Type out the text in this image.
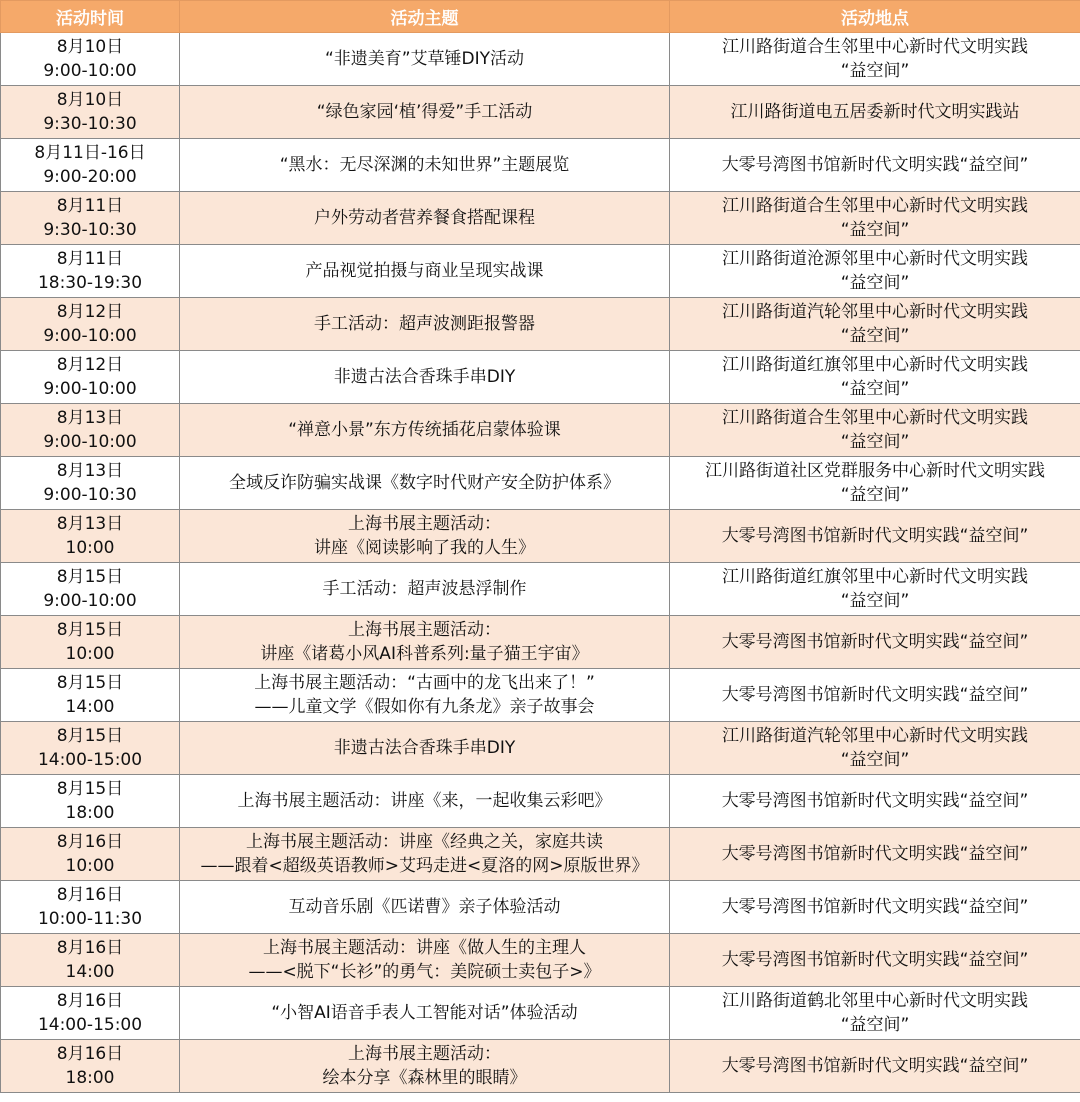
活动时间	活动主题	活动地点

8月10日
9:00-10:00	“非遗美育”艾草锤DIY活动	江川路街道合生邻里中心新时代文明实践
“益空间”

8月10日
9:30-10:30	“绿色家园‘植’得爱”手工活动	江川路街道电五居委新时代文明实践站

8月11日-16日
9:00-20:00	“黑水：无尽深渊的未知世界”主题展览	大零号湾图书馆新时代文明实践“益空间”

8月11日
9:30-10:30	户外劳动者营养餐食搭配课程	江川路街道合生邻里中心新时代文明实践
“益空间”

8月11日
18:30-19:30	产品视觉拍摄与商业呈现实战课	江川路街道沧源邻里中心新时代文明实践
“益空间”

8月12日
9:00-10:00	手工活动：超声波测距报警器	江川路街道汽轮邻里中心新时代文明实践
“益空间”

8月12日
9:00-10:00	非遗古法合香珠手串DIY	江川路街道红旗邻里中心新时代文明实践
“益空间”

8月13日
9:00-10:00	“禅意小景”东方传统插花启蒙体验课	江川路街道合生邻里中心新时代文明实践
“益空间”

8月13日
9:00-10:30	全域反诈防骗实战课《数字时代财产安全防护体系》	江川路街道社区党群服务中心新时代文明实践
“益空间”

8月13日
10:00	上海书展主题活动：
讲座《阅读影响了我的人生》	大零号湾图书馆新时代文明实践“益空间”

8月15日
9:00-10:00	手工活动：超声波悬浮制作	江川路街道红旗邻里中心新时代文明实践
“益空间”

8月15日
10:00	上海书展主题活动：
讲座《诸葛小风AI科普系列:量子猫王宇宙》	大零号湾图书馆新时代文明实践“益空间”

8月15日
14:00	上海书展主题活动：“古画中的龙飞出来了！”
——儿童文学《假如你有九条龙》亲子故事会	大零号湾图书馆新时代文明实践“益空间”

8月15日
14:00-15:00	非遗古法合香珠手串DIY	江川路街道汽轮邻里中心新时代文明实践
“益空间”

8月15日
18:00	上海书展主题活动：讲座《来，一起收集云彩吧》	大零号湾图书馆新时代文明实践“益空间”

8月16日
10:00	上海书展主题活动：讲座《经典之关，家庭共读
——跟着<超级英语教师>艾玛走进<夏洛的网>原版世界》	大零号湾图书馆新时代文明实践“益空间”

8月16日
10:00-11:30	互动音乐剧《匹诺曹》亲子体验活动	大零号湾图书馆新时代文明实践“益空间”

8月16日
14:00	上海书展主题活动：讲座《做人生的主理人
——<脱下“长衫”的勇气：美院硕士卖包子>》	大零号湾图书馆新时代文明实践“益空间”

8月16日
14:00-15:00	“小智AI语音手表人工智能对话”体验活动	江川路街道鹤北邻里中心新时代文明实践
“益空间”

8月16日
18:00	上海书展主题活动：
绘本分享《森林里的眼睛》	大零号湾图书馆新时代文明实践“益空间”
